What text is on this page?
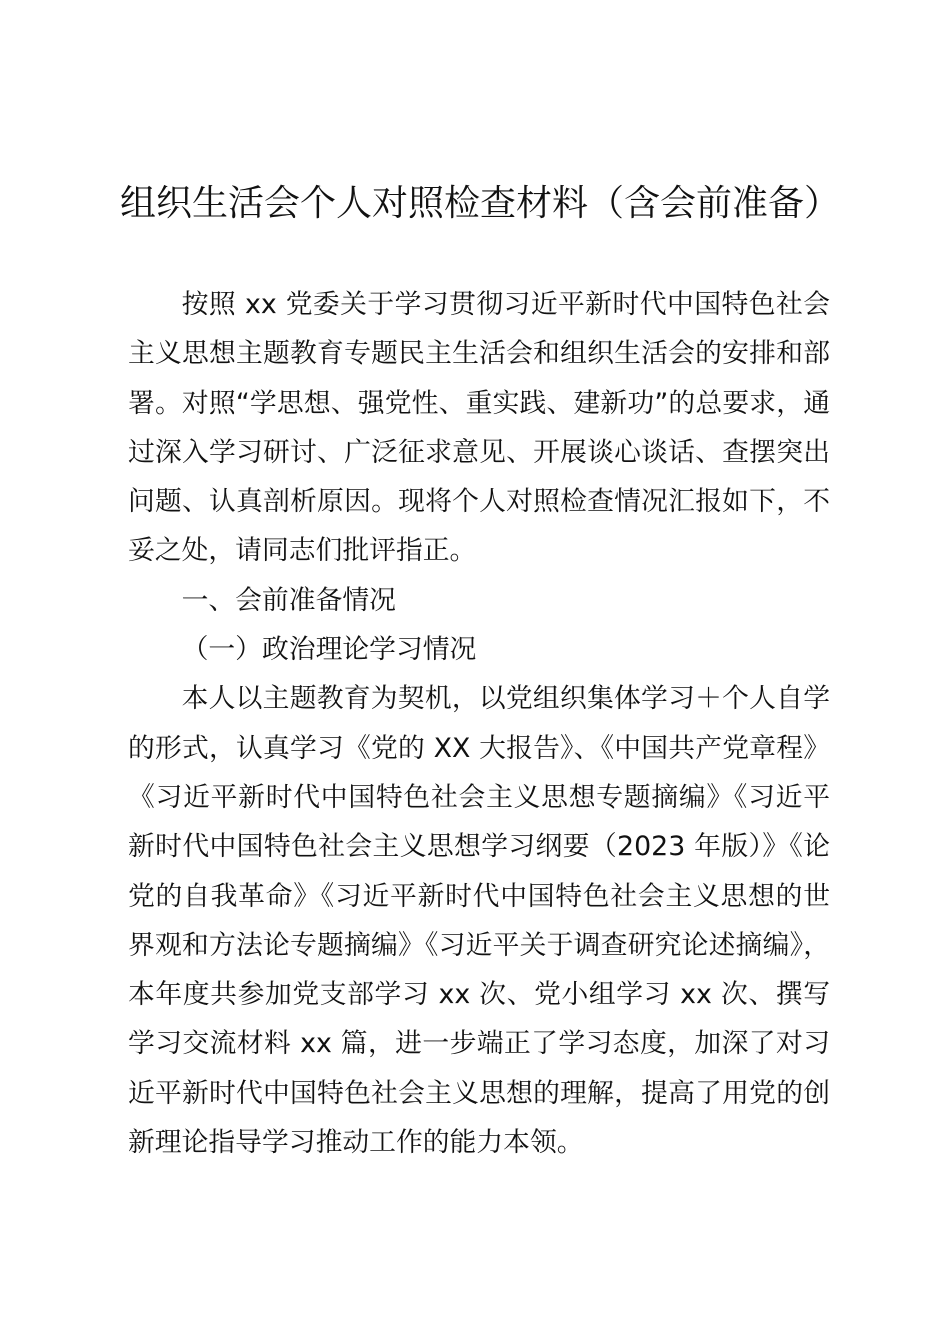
组织生活会个人对照检查材料（含会前准备）

按照 xx 党委关于学习贯彻习近平新时代中国特色社会主义思想主题教育专题民主生活会和组织生活会的安排和部署。对照“学思想、强党性、重实践、建新功”的总要求，通过深入学习研讨、广泛征求意见、开展谈心谈话、查摆突出问题、认真剖析原因。现将个人对照检查情况汇报如下，不妥之处，请同志们批评指正。

一、会前准备情况

（一）政治理论学习情况

本人以主题教育为契机，以党组织集体学习＋个人自学的形式，认真学习《党的 XX 大报告》、《中国共产党章程》《习近平新时代中国特色社会主义思想专题摘编》《习近平新时代中国特色社会主义思想学习纲要（2023 年版）》《论党的自我革命》《习近平新时代中国特色社会主义思想的世界观和方法论专题摘编》《习近平关于调查研究论述摘编》，本年度共参加党支部学习 xx 次、党小组学习 xx 次、撰写学习交流材料 xx 篇，进一步端正了学习态度，加深了对习近平新时代中国特色社会主义思想的理解，提高了用党的创新理论指导学习推动工作的能力本领。
